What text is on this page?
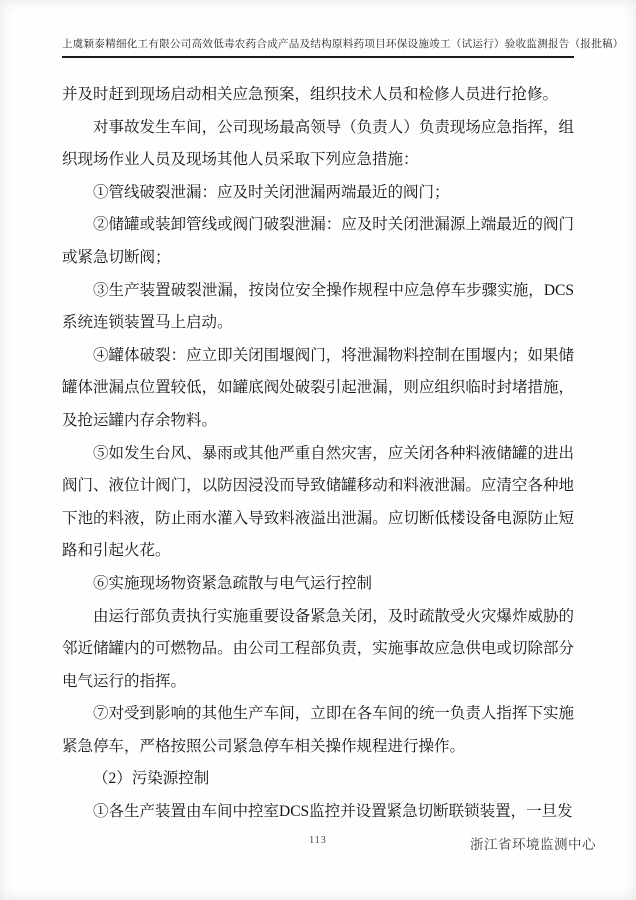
上虞颖泰精细化工有限公司高效低毒农药合成产品及结构原料药项目环保设施竣工（试运行）验收监测报告（报批稿）

并及时赶到现场启动相关应急预案，组织技术人员和检修人员进行抢修。

对事故发生车间，公司现场最高领导（负责人）负责现场应急指挥，组织现场作业人员及现场其他人员采取下列应急措施：

①管线破裂泄漏：应及时关闭泄漏两端最近的阀门；

②储罐或装卸管线或阀门破裂泄漏：应及时关闭泄漏源上端最近的阀门或紧急切断阀；

③生产装置破裂泄漏，按岗位安全操作规程中应急停车步骤实施，DCS系统连锁装置马上启动。

④罐体破裂：应立即关闭围堰阀门，将泄漏物料控制在围堰内；如果储罐体泄漏点位置较低，如罐底阀处破裂引起泄漏，则应组织临时封堵措施，及抢运罐内存余物料。

⑤如发生台风、暴雨或其他严重自然灾害，应关闭各种料液储罐的进出阀门、液位计阀门，以防因浸没而导致储罐移动和料液泄漏。应清空各种地下池的料液，防止雨水灌入导致料液溢出泄漏。应切断低楼设备电源防止短路和引起火花。

⑥实施现场物资紧急疏散与电气运行控制

由运行部负责执行实施重要设备紧急关闭，及时疏散受火灾爆炸威胁的邻近储罐内的可燃物品。由公司工程部负责，实施事故应急供电或切除部分电气运行的指挥。

⑦对受到影响的其他生产车间，立即在各车间的统一负责人指挥下实施紧急停车，严格按照公司紧急停车相关操作规程进行操作。

（2）污染源控制

①各生产装置由车间中控室DCS监控并设置紧急切断联锁装置，一旦发

113	浙江省环境监测中心
